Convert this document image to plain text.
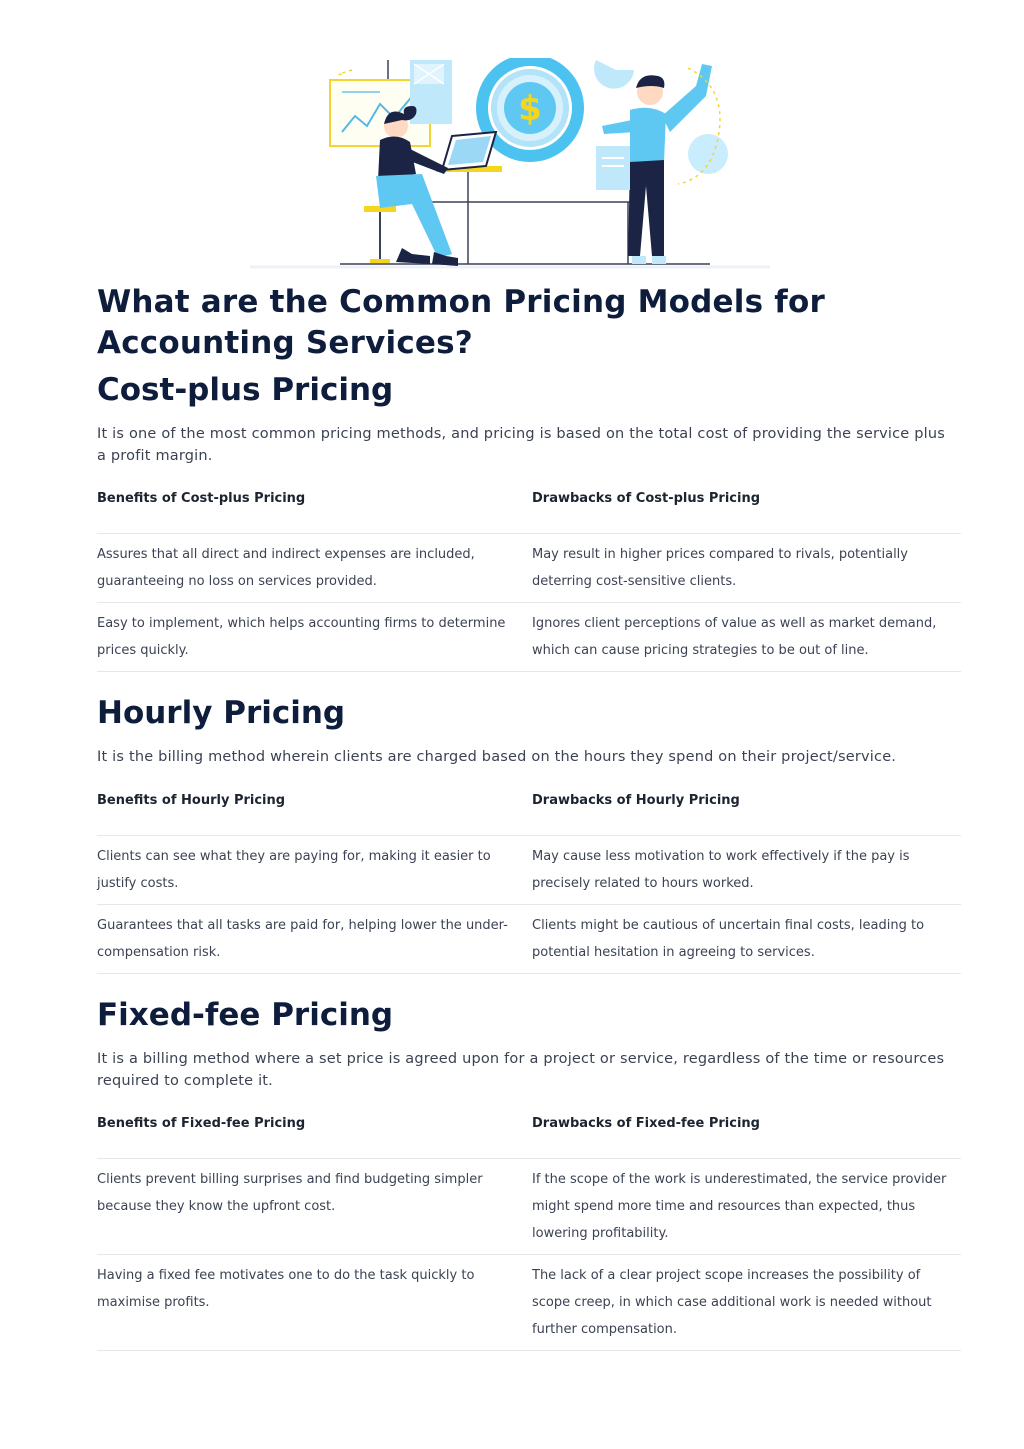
$
What are the Common Pricing Models for Accounting Services?
Cost-plus Pricing

It is one of the most common pricing methods, and pricing is based on the total cost of providing the service plus a profit margin.

Benefits of Cost-plus Pricing	Drawbacks of Cost-plus Pricing
Assures that all direct and indirect expenses are included, guaranteeing no loss on services provided.	May result in higher prices compared to rivals, potentially deterring cost-sensitive clients.
Easy to implement, which helps accounting firms to determine prices quickly.	Ignores client perceptions of value as well as market demand, which can cause pricing strategies to be out of line.
Hourly Pricing

It is the billing method wherein clients are charged based on the hours they spend on their project/service.

Benefits of Hourly Pricing	Drawbacks of Hourly Pricing
Clients can see what they are paying for, making it easier to justify costs.	May cause less motivation to work effectively if the pay is precisely related to hours worked.
Guarantees that all tasks are paid for, helping lower the under-compensation risk.	Clients might be cautious of uncertain final costs, leading to potential hesitation in agreeing to services.
Fixed-fee Pricing

It is a billing method where a set price is agreed upon for a project or service, regardless of the time or resources required to complete it.

Benefits of Fixed-fee Pricing	Drawbacks of Fixed-fee Pricing
Clients prevent billing surprises and find budgeting simpler because they know the upfront cost.	If the scope of the work is underestimated, the service provider might spend more time and resources than expected, thus lowering profitability.
Having a fixed fee motivates one to do the task quickly to maximise profits.	The lack of a clear project scope increases the possibility of scope creep, in which case additional work is needed without further compensation.
